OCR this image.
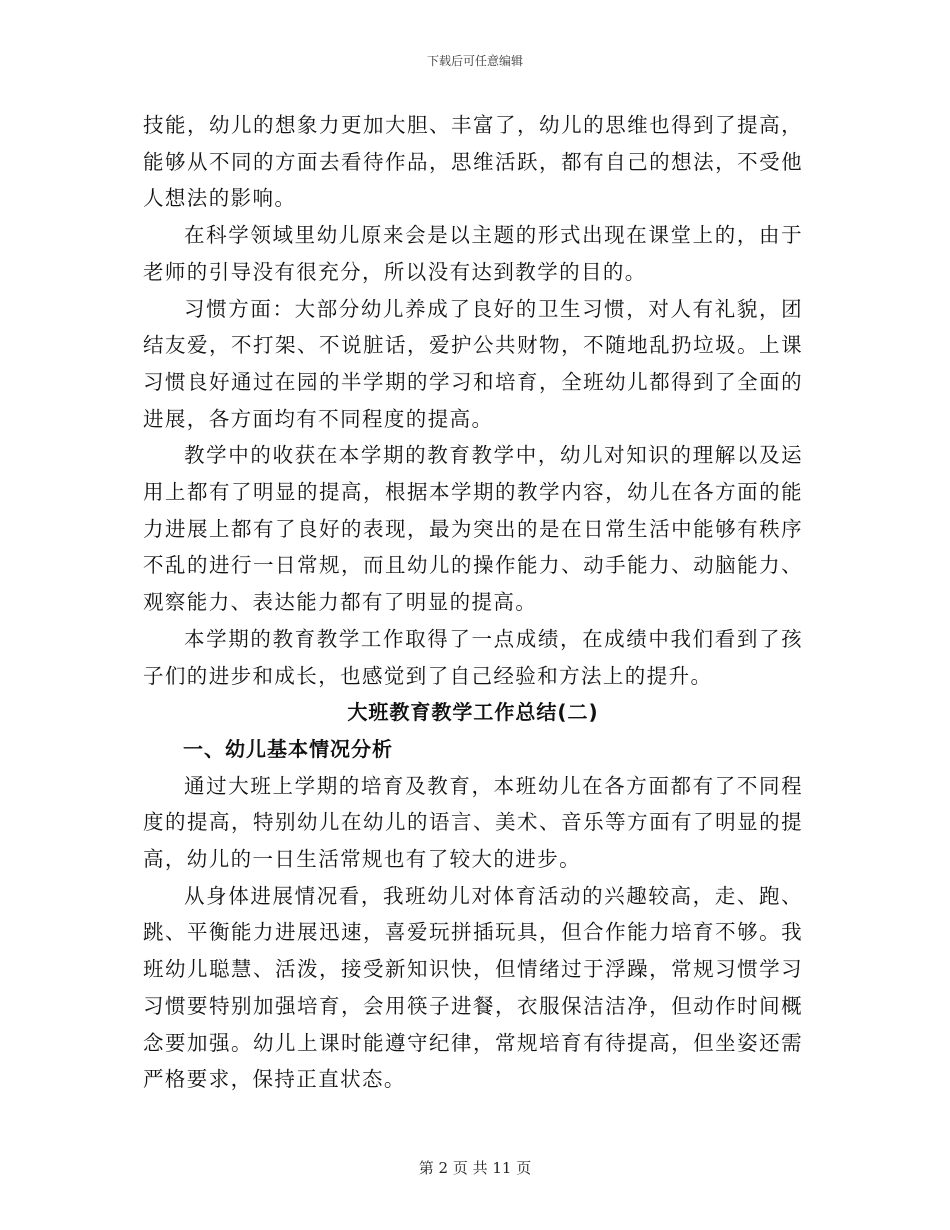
下载后可任意编辑

技能，幼儿的想象力更加大胆、丰富了，幼儿的思维也得到了提高，能够从不同的方面去看待作品，思维活跃，都有自己的想法，不受他人想法的影响。

在科学领域里幼儿原来会是以主题的形式出现在课堂上的，由于老师的引导没有很充分，所以没有达到教学的目的。

习惯方面：大部分幼儿养成了良好的卫生习惯，对人有礼貌，团结友爱，不打架、不说脏话，爱护公共财物，不随地乱扔垃圾。上课习惯良好通过在园的半学期的学习和培育，全班幼儿都得到了全面的进展，各方面均有不同程度的提高。

教学中的收获在本学期的教育教学中，幼儿对知识的理解以及运用上都有了明显的提高，根据本学期的教学内容，幼儿在各方面的能力进展上都有了良好的表现，最为突出的是在日常生活中能够有秩序不乱的进行一日常规，而且幼儿的操作能力、动手能力、动脑能力、观察能力、表达能力都有了明显的提高。

本学期的教育教学工作取得了一点成绩，在成绩中我们看到了孩子们的进步和成长，也感觉到了自己经验和方法上的提升。

大班教育教学工作总结(二)

一、幼儿基本情况分析

通过大班上学期的培育及教育，本班幼儿在各方面都有了不同程度的提高，特别幼儿在幼儿的语言、美术、音乐等方面有了明显的提高，幼儿的一日生活常规也有了较大的进步。

从身体进展情况看，我班幼儿对体育活动的兴趣较高，走、跑、跳、平衡能力进展迅速，喜爱玩拼插玩具，但合作能力培育不够。我班幼儿聪慧、活泼，接受新知识快，但情绪过于浮躁，常规习惯学习习惯要特别加强培育，会用筷子进餐，衣服保洁洁净，但动作时间概念要加强。幼儿上课时能遵守纪律，常规培育有待提高，但坐姿还需严格要求，保持正直状态。

第 2 页 共 11 页
